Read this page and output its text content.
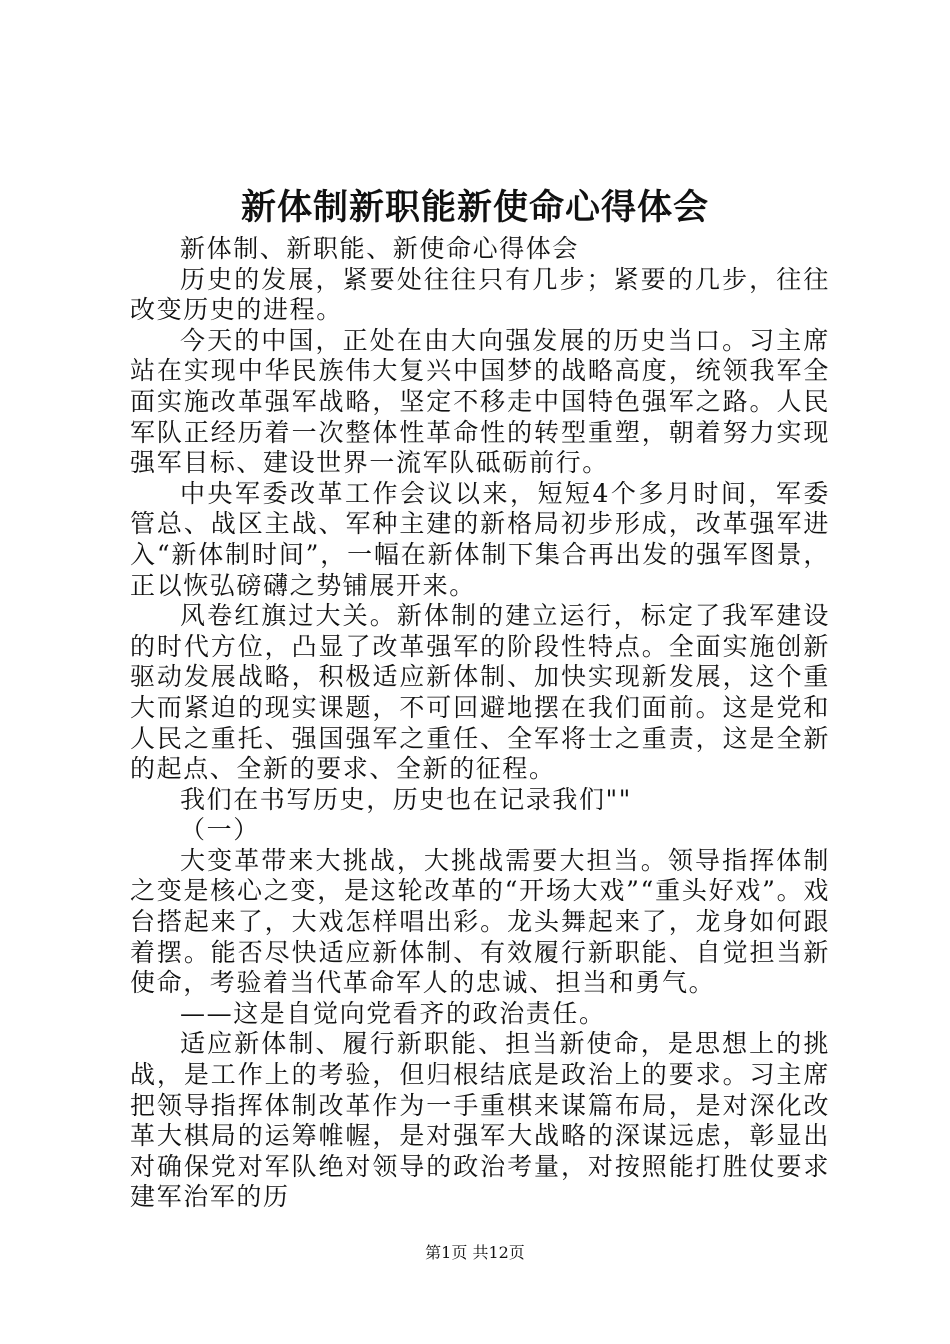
新体制新职能新使命心得体会

新体制、新职能、新使命心得体会

历史的发展，紧要处往往只有几步；紧要的几步，往往改变历史的进程。

今天的中国，正处在由大向强发展的历史当口。习主席站在实现中华民族伟大复兴中国梦的战略高度，统领我军全面实施改革强军战略，坚定不移走中国特色强军之路。人民军队正经历着一次整体性革命性的转型重塑，朝着努力实现强军目标、建设世界一流军队砥砺前行。

中央军委改革工作会议以来，短短4个多月时间，军委管总、战区主战、军种主建的新格局初步形成，改革强军进入“新体制时间”，一幅在新体制下集合再出发的强军图景，正以恢弘磅礴之势铺展开来。

风卷红旗过大关。新体制的建立运行，标定了我军建设的时代方位，凸显了改革强军的阶段性特点。全面实施创新驱动发展战略，积极适应新体制、加快实现新发展，这个重大而紧迫的现实课题，不可回避地摆在我们面前。这是党和人民之重托、强国强军之重任、全军将士之重责，这是全新的起点、全新的要求、全新的征程。

我们在书写历史，历史也在记录我们""

（一）

大变革带来大挑战，大挑战需要大担当。领导指挥体制之变是核心之变，是这轮改革的“开场大戏”“重头好戏”。戏台搭起来了，大戏怎样唱出彩。龙头舞起来了，龙身如何跟着摆。能否尽快适应新体制、有效履行新职能、自觉担当新使命，考验着当代革命军人的忠诚、担当和勇气。

——这是自觉向党看齐的政治责任。

适应新体制、履行新职能、担当新使命，是思想上的挑战，是工作上的考验，但归根结底是政治上的要求。习主席把领导指挥体制改革作为一手重棋来谋篇布局，是对深化改革大棋局的运筹帷幄，是对强军大战略的深谋远虑，彰显出对确保党对军队绝对领导的政治考量，对按照能打胜仗要求建军治军的历

第1页 共12页
